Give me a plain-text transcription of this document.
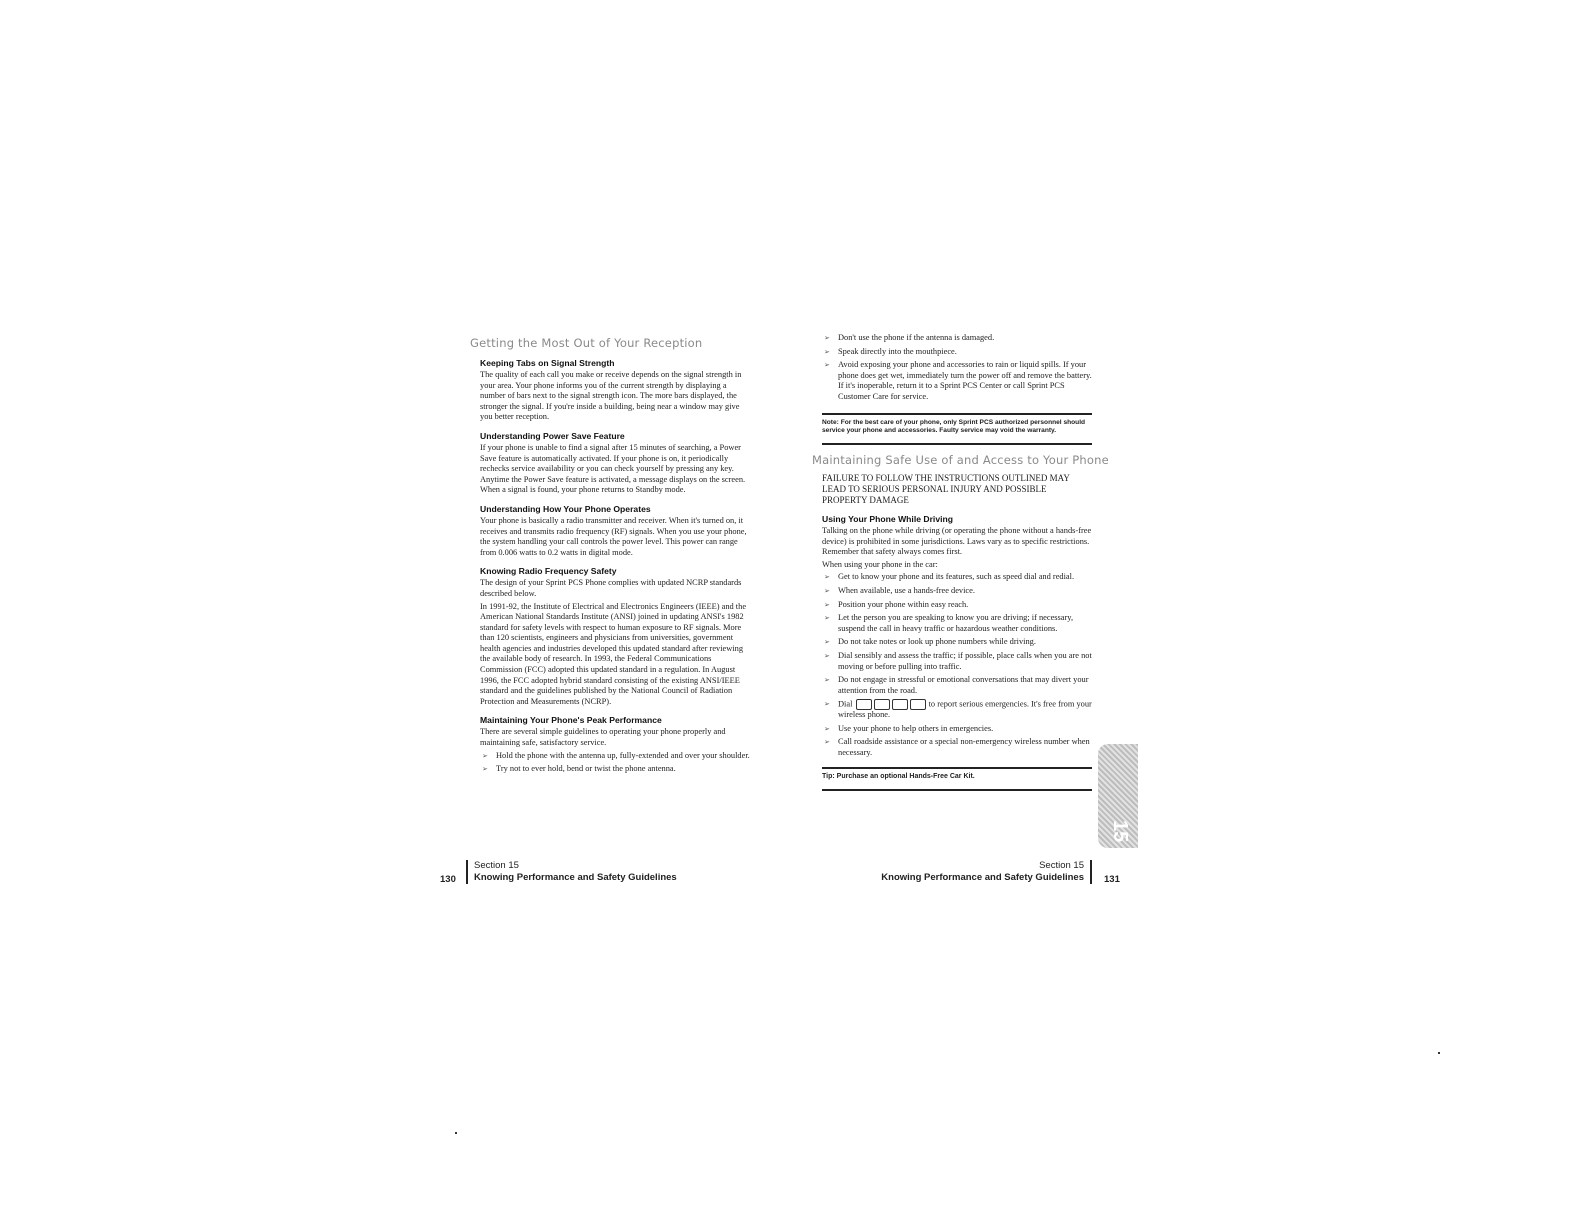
Getting the Most Out of Your Reception
Keeping Tabs on Signal Strength

The quality of each call you make or receive depends on the signal strength in your area. Your phone informs you of the current strength by displaying a number of bars next to the signal strength icon. The more bars displayed, the stronger the signal. If you're inside a building, being near a window may give you better reception.

Understanding Power Save Feature

If your phone is unable to find a signal after 15 minutes of searching, a Power Save feature is automatically activated. If your phone is on, it periodically rechecks service availability or you can check yourself by pressing any key. Anytime the Power Save feature is activated, a message displays on the screen. When a signal is found, your phone returns to Standby mode.

Understanding How Your Phone Operates

Your phone is basically a radio transmitter and receiver. When it's turned on, it receives and transmits radio frequency (RF) signals. When you use your phone, the system handling your call controls the power level. This power can range from 0.006 watts to 0.2 watts in digital mode.

Knowing Radio Frequency Safety

The design of your Sprint PCS Phone complies with updated NCRP standards described below.

In 1991-92, the Institute of Electrical and Electronics Engineers (IEEE) and the American National Standards Institute (ANSI) joined in updating ANSI's 1982 standard for safety levels with respect to human exposure to RF signals. More than 120 scientists, engineers and physicians from universities, government health agencies and industries developed this updated standard after reviewing the available body of research. In 1993, the Federal Communications Commission (FCC) adopted this updated standard in a regulation. In August 1996, the FCC adopted hybrid standard consisting of the existing ANSI/IEEE standard and the guidelines published by the National Council of Radiation Protection and Measurements (NCRP).

Maintaining Your Phone's Peak Performance

There are several simple guidelines to operating your phone properly and maintaining safe, satisfactory service.

➢ Hold the phone with the antenna up, fully-extended and over your shoulder.
➢ Try not to ever hold, bend or twist the phone antenna.
130
Section 15
Knowing Performance and Safety Guidelines
➢ Don't use the phone if the antenna is damaged.
➢ Speak directly into the mouthpiece.
➢ Avoid exposing your phone and accessories to rain or liquid spills. If your phone does get wet, immediately turn the power off and remove the battery. If it's inoperable, return it to a Sprint PCS Center or call Sprint PCS Customer Care for service.

Note: For the best care of your phone, only Sprint PCS authorized personnel should service your phone and accessories. Faulty service may void the warranty.

Maintaining Safe Use of and Access to Your Phone

FAILURE TO FOLLOW THE INSTRUCTIONS OUTLINED MAY LEAD TO SERIOUS PERSONAL INJURY AND POSSIBLE PROPERTY DAMAGE

Using Your Phone While Driving

Talking on the phone while driving (or operating the phone without a hands-free device) is prohibited in some jurisdictions. Laws vary as to specific restrictions. Remember that safety always comes first.

When using your phone in the car:

➢ Get to know your phone and its features, such as speed dial and redial.
➢ When available, use a hands-free device.
➢ Position your phone within easy reach.
➢ Let the person you are speaking to know you are driving; if necessary, suspend the call in heavy traffic or hazardous weather conditions.
➢ Do not take notes or look up phone numbers while driving.
➢ Dial sensibly and assess the traffic; if possible, place calls when you are not moving or before pulling into traffic.
➢ Do not engage in stressful or emotional conversations that may divert your attention from the road.
➢ Dial	to report serious emergencies. It's free from your wireless phone.
➢ Use your phone to help others in emergencies.
➢ Call roadside assistance or a special non-emergency wireless number when necessary.

Tip: Purchase an optional Hands-Free Car Kit.

15
Section 15
Knowing Performance and Safety Guidelines 131
